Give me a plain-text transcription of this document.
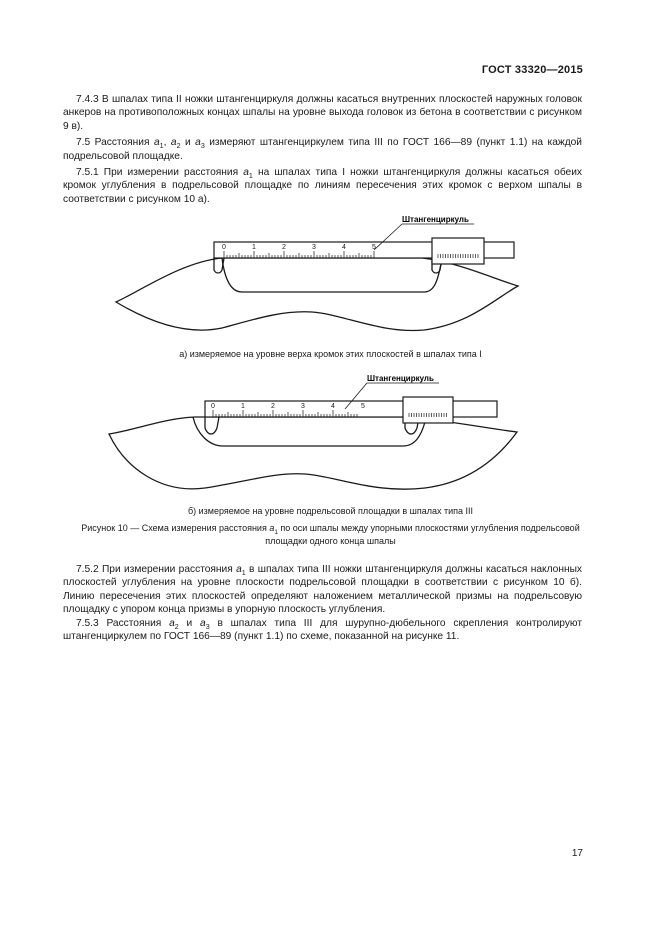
ГОСТ 33320—2015

7.4.3 В шпалах типа II ножки штангенциркуля должны касаться внутренних плоскостей наружных головок анкеров на противоположных концах шпалы на уровне выхода головок из бетона в соответствии с рисунком 9 в).

7.5 Расстояния $a_1$, $a_2$ и $a_3$ измеряют штангенциркулем типа III по ГОСТ 166—89 (пункт 1.1) на каждой подрельсовой площадке.

7.5.1 При измерении расстояния $a_1$ на шпалах типа I ножки штангенциркуля должны касаться обеих кромок углубления в подрельсовой площадке по линиям пересечения этих кромок с верхом шпалы в соответствии с рисунком 10 а).

0	1	2	3	4	5
Штангенциркуль
а) измеряемое на уровне верха кромок этих плоскостей в шпалах типа I
0	1	2	3	4	5
Штангенциркуль
б) измеряемое на уровне подрельсовой площадки в шпалах типа III
Рисунок 10 — Схема измерения расстояния $a_1$ по оси шпалы между упорными плоскостями углубления подрельсовой площадки одного конца шпалы

7.5.2 При измерении расстояния $a_1$ в шпалах типа III ножки штангенциркуля должны касаться наклонных плоскостей углубления на уровне плоскости подрельсовой площадки в соответствии с рисунком 10 б). Линию пересечения этих плоскостей определяют наложением металлической призмы на подрельсовую площадку с упором конца призмы в упорную плоскость углубления.

7.5.3 Расстояния $a_2$ и $a_3$ в шпалах типа III для шурупно-дюбельного скрепления контролируют штангенциркулем по ГОСТ 166—89 (пункт 1.1) по схеме, показанной на рисунке 11.

17
